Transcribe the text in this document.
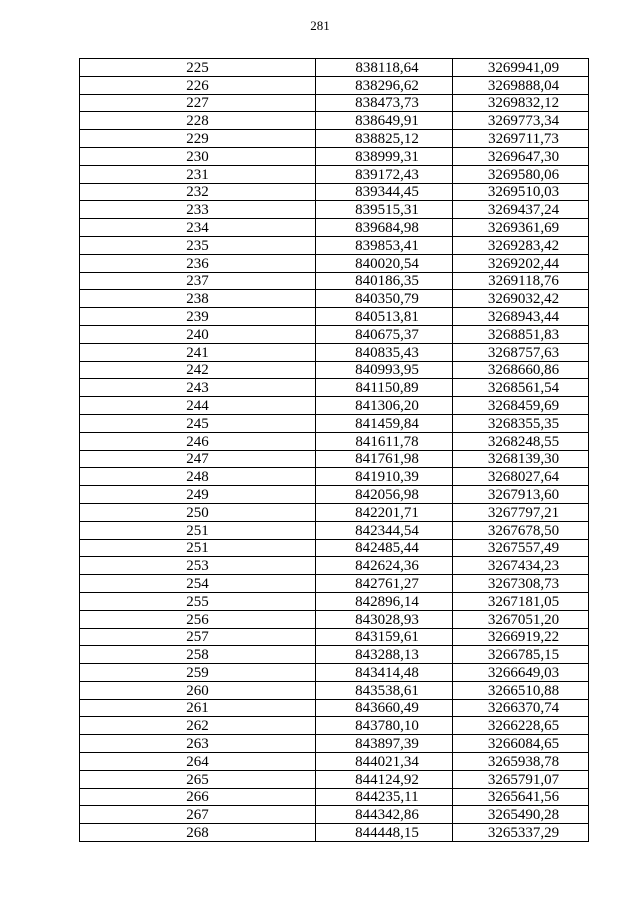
281
225	838118,64	3269941,09
226	838296,62	3269888,04
227	838473,73	3269832,12
228	838649,91	3269773,34
229	838825,12	3269711,73
230	838999,31	3269647,30
231	839172,43	3269580,06
232	839344,45	3269510,03
233	839515,31	3269437,24
234	839684,98	3269361,69
235	839853,41	3269283,42
236	840020,54	3269202,44
237	840186,35	3269118,76
238	840350,79	3269032,42
239	840513,81	3268943,44
240	840675,37	3268851,83
241	840835,43	3268757,63
242	840993,95	3268660,86
243	841150,89	3268561,54
244	841306,20	3268459,69
245	841459,84	3268355,35
246	841611,78	3268248,55
247	841761,98	3268139,30
248	841910,39	3268027,64
249	842056,98	3267913,60
250	842201,71	3267797,21
251	842344,54	3267678,50
251	842485,44	3267557,49
253	842624,36	3267434,23
254	842761,27	3267308,73
255	842896,14	3267181,05
256	843028,93	3267051,20
257	843159,61	3266919,22
258	843288,13	3266785,15
259	843414,48	3266649,03
260	843538,61	3266510,88
261	843660,49	3266370,74
262	843780,10	3266228,65
263	843897,39	3266084,65
264	844021,34	3265938,78
265	844124,92	3265791,07
266	844235,11	3265641,56
267	844342,86	3265490,28
268	844448,15	3265337,29
